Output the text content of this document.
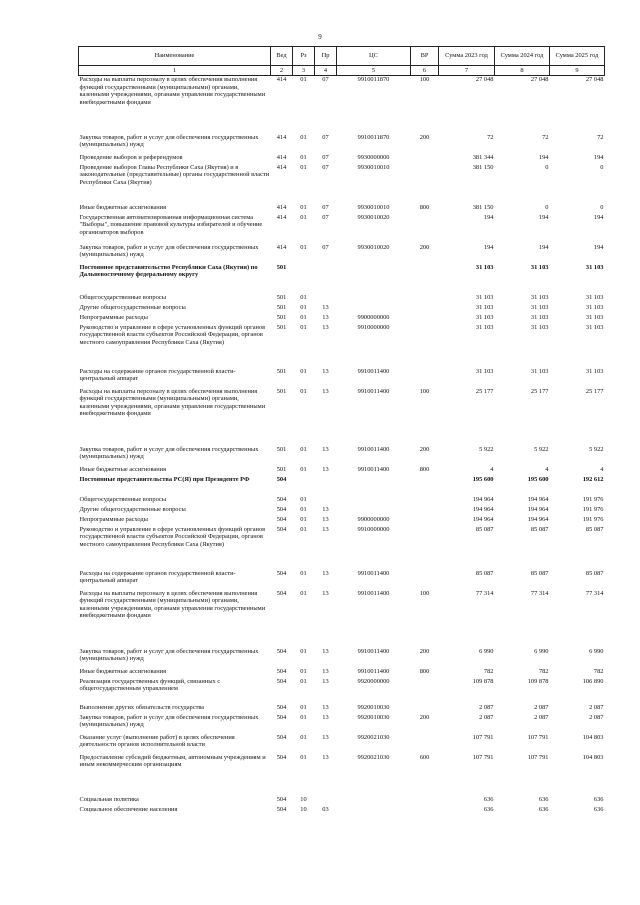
9
Наименование	Вед	Рз	Пр	ЦС	ВР	Сумма 2023 год	Сумма 2024 год	Сумма 2025 год
1	2	3	4	5	6	7	8	9
Расходы на выплаты персоналу в целях обеспечения выполнения функций государственными (муниципальными) органами, казенными учреждениями, органами управления государственными внебюджетными фондами	414	01	07	9910011870	100	27 048	27 048	27 048
Закупка товаров, работ и услуг для обеспечения государственных (муниципальных) нужд	414	01	07	9910011870	200	72	72	72
Проведение выборов и референдумов	414	01	07	9930000000		381 344	194	194
Проведение выборов Главы Республики Саха (Якутия) и в законодательные (представительные) органы государственной власти Республики Саха (Якутия)	414	01	07	9930010010		381 150	0	0
Иные бюджетные ассигнования	414	01	07	9930010010	800	381 150	0	0
Государственная автоматизированная информационная система "Выборы", повышение правовой культуры избирателей и обучение организаторов выборов	414	01	07	9930010020		194	194	194
Закупка товаров, работ и услуг для обеспечения государственных (муниципальных) нужд	414	01	07	9930010020	200	194	194	194
Постоянное представительство Республики Саха (Якутия) по Дальневосточному федеральному округу	501					31 103	31 103	31 103
Общегосударственные вопросы	501	01				31 103	31 103	31 103
Другие общегосударственные вопросы	501	01	13			31 103	31 103	31 103
Непрограммные расходы	501	01	13	9900000000		31 103	31 103	31 103
Руководство и управление в сфере установленных функций органов государственной власти субъектов Российской Федерации, органов местного самоуправления Республики Саха (Якутия)	501	01	13	9910000000		31 103	31 103	31 103
Расходы на содержание органов государственной власти- центральный аппарат	501	01	13	9910011400		31 103	31 103	31 103
Расходы на выплаты персоналу в целях обеспечения выполнения функций государственными (муниципальными) органами, казенными учреждениями, органами управления государственными внебюджетными фондами	501	01	13	9910011400	100	25 177	25 177	25 177
Закупка товаров, работ и услуг для обеспечения государственных (муниципальных) нужд	501	01	13	9910011400	200	5 922	5 922	5 922
Иные бюджетные ассигнования	501	01	13	9910011400	800	4	4	4
Постоянные представительства РС(Я) при Президенте РФ	504					195 600	195 600	192 612
Общегосударственные вопросы	504	01				194 964	194 964	191 976
Другие общегосударственные вопросы	504	01	13			194 964	194 964	191 976
Непрограммные расходы	504	01	13	9900000000		194 964	194 964	191 976
Руководство и управление в сфере установленных функций органов государственной власти субъектов Российской Федерации, органов местного самоуправления Республики Саха (Якутия)	504	01	13	9910000000		85 087	85 087	85 087
Расходы на содержание органов государственной власти- центральный аппарат	504	01	13	9910011400		85 087	85 087	85 087
Расходы на выплаты персоналу в целях обеспечения выполнения функций государственными (муниципальными) органами, казенными учреждениями, органами управления государственными внебюджетными фондами	504	01	13	9910011400	100	77 314	77 314	77 314
Закупка товаров, работ и услуг для обеспечения государственных (муниципальных) нужд	504	01	13	9910011400	200	6 990	6 990	6 990
Иные бюджетные ассигнования	504	01	13	9910011400	800	782	782	782
Реализация государственных функций, связанных с общегосударственным управлением	504	01	13	9920000000		109 878	109 878	106 890
Выполнение других обязательств государства	504	01	13	9920010030		2 087	2 087	2 087
Закупка товаров, работ и услуг для обеспечения государственных (муниципальных) нужд	504	01	13	9920010030	200	2 087	2 087	2 087
Оказание услуг (выполнение работ) в целях обеспечения деятельности органов исполнительной власти	504	01	13	9920021030		107 791	107 791	104 803
Предоставление субсидий бюджетным, автономным учреждениям и иным некоммерческим организациям	504	01	13	9920021030	600	107 791	107 791	104 803
Социальная политика	504	10				636	636	636
Социальное обеспечение населения	504	10	03			636	636	636
